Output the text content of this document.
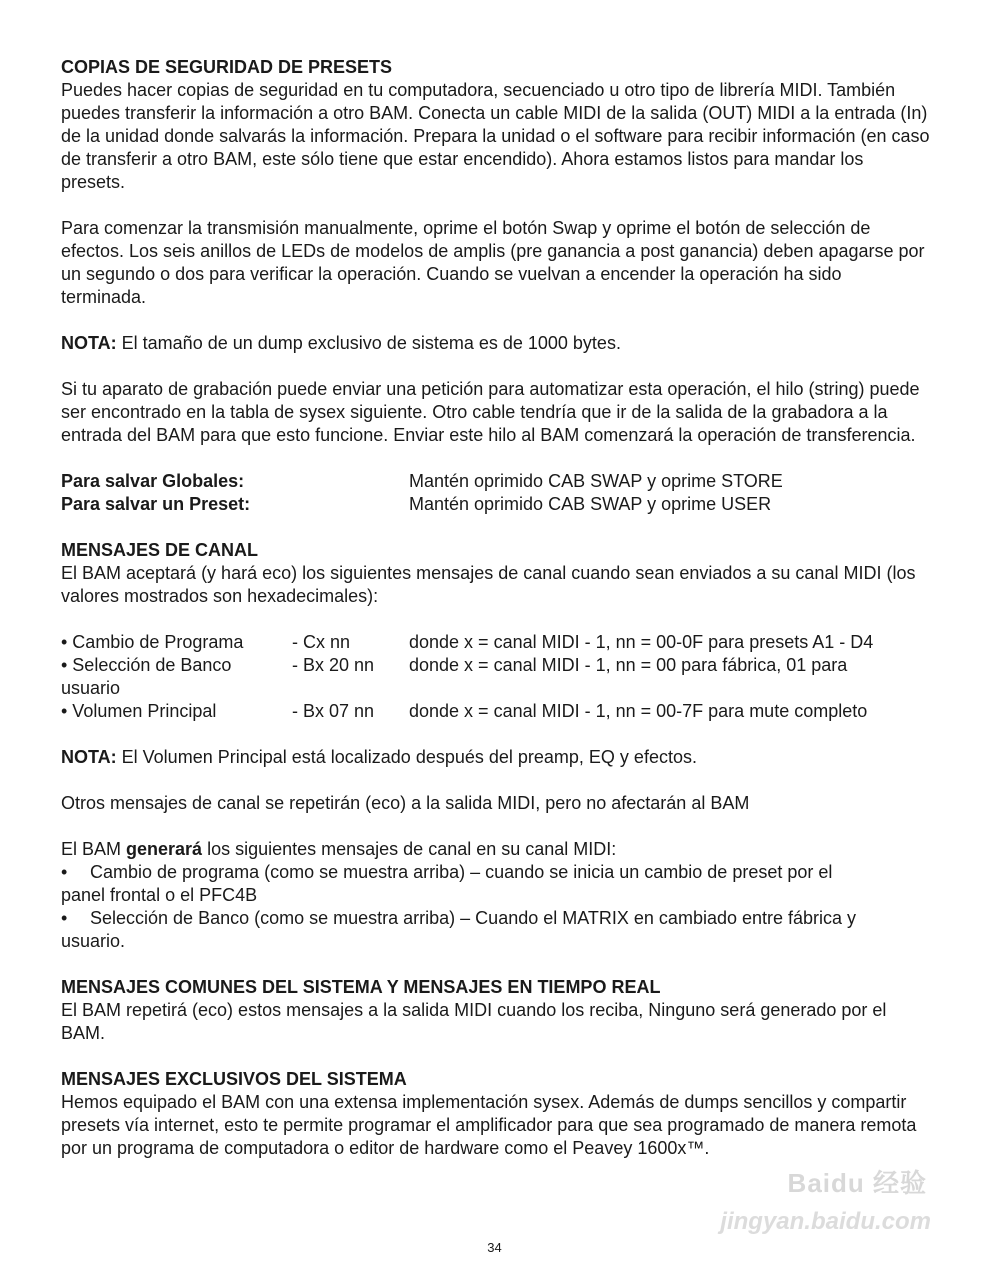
COPIAS DE SEGURIDAD DE PRESETS

Puedes hacer copias de seguridad en tu computadora, secuenciado u otro tipo de librería MIDI. También puedes transferir la información a otro BAM. Conecta un cable MIDI de la salida (OUT) MIDI a la entrada (In) de la unidad donde salvarás la información. Prepara la unidad o el software para recibir información (en caso de transferir a otro BAM, este sólo tiene que estar encendido). Ahora estamos listos para mandar los presets.

Para comenzar la transmisión manualmente, oprime el botón Swap y oprime el botón de selección de efectos. Los seis anillos de LEDs de modelos de amplis (pre ganancia a post ganancia) deben apagarse por un segundo o dos para verificar la operación. Cuando se vuelvan a encender la operación ha sido terminada.

NOTA: El tamaño de un dump exclusivo de sistema es de 1000 bytes.

Si tu aparato de grabación puede enviar una petición para automatizar esta operación, el hilo (string) puede ser encontrado en la tabla de sysex siguiente. Otro cable tendría que ir de la salida de la grabadora a la entrada del BAM para que esto funcione. Enviar este hilo al BAM comenzará la operación de transferencia.

Para salvar Globales:	Mantén oprimido CAB SWAP y oprime STORE
Para salvar un Preset:	Mantén oprimido CAB SWAP y oprime USER
MENSAJES DE CANAL

El BAM aceptará (y hará eco) los siguientes mensajes de canal cuando sean enviados a su canal MIDI (los valores mostrados son hexadecimales):

• Cambio de Programa	- Cx nn	donde x = canal MIDI - 1, nn = 00-0F para presets A1 - D4
• Selección de Banco	- Bx 20 nn	donde x = canal MIDI - 1, nn = 00 para fábrica, 01 para
usuario
• Volumen Principal	- Bx 07 nn	donde x = canal MIDI - 1, nn = 00-7F para mute completo

NOTA: El Volumen Principal está localizado después del preamp, EQ y efectos.

Otros mensajes de canal se repetirán (eco) a la salida MIDI, pero no afectarán al BAM

El BAM generará los siguientes mensajes de canal en su canal MIDI:

•	Cambio de programa (como se muestra arriba) – cuando se inicia un cambio de preset por el
panel frontal o el PFC4B
•	Selección de Banco (como se muestra arriba) – Cuando el MATRIX en cambiado entre fábrica y
usuario.
MENSAJES COMUNES DEL SISTEMA Y MENSAJES EN TIEMPO REAL

El BAM repetirá (eco) estos mensajes a la salida MIDI cuando los reciba, Ninguno será generado por el BAM.

MENSAJES EXCLUSIVOS DEL SISTEMA

Hemos equipado el BAM con una extensa implementación sysex. Además de dumps sencillos y compartir presets vía internet, esto te permite programar el amplificador para que sea programado de manera remota por un programa de computadora o editor de hardware como el Peavey 1600x™.

Baidu 经验
jingyan.baidu.com
34
